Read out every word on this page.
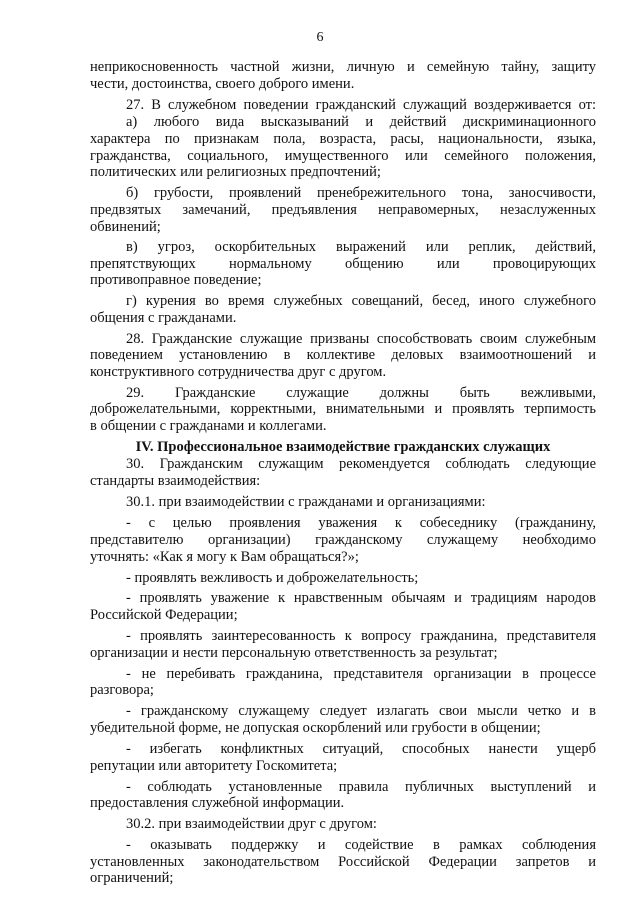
6
неприкосновенность частной жизни, личную и семейную тайну, защиту
чести, достоинства, своего доброго имени.
27. В служебном поведении гражданский служащий воздерживается от:
а) любого вида высказываний и действий дискриминационного
характера по признакам пола, возраста, расы, национальности, языка,
гражданства, социального, имущественного или семейного положения,
политических или религиозных предпочтений;
б) грубости, проявлений пренебрежительного тона, заносчивости,
предвзятых замечаний, предъявления неправомерных, незаслуженных
обвинений;
в) угроз, оскорбительных выражений или реплик, действий,
препятствующих нормальному общению или провоцирующих
противоправное поведение;
г) курения во время служебных совещаний, бесед, иного служебного
общения с гражданами.
28. Гражданские служащие призваны способствовать своим служебным
поведением установлению в коллективе деловых взаимоотношений и
конструктивного сотрудничества друг с другом.
29. Гражданские служащие должны быть вежливыми,
доброжелательными, корректными, внимательными и проявлять терпимость
в общении с гражданами и коллегами.
IV. Профессиональное взаимодействие гражданских служащих
30. Гражданским служащим рекомендуется соблюдать следующие
стандарты взаимодействия:
30.1. при взаимодействии с гражданами и организациями:
- с целью проявления уважения к собеседнику (гражданину,
представителю организации) гражданскому служащему необходимо
уточнять: «Как я могу к Вам обращаться?»;
- проявлять вежливость и доброжелательность;
- проявлять уважение к нравственным обычаям и традициям народов
Российской Федерации;
- проявлять заинтересованность к вопросу гражданина, представителя
организации и нести персональную ответственность за результат;
- не перебивать гражданина, представителя организации в процессе
разговора;
- гражданскому служащему следует излагать свои мысли четко и в
убедительной форме, не допуская оскорблений или грубости в общении;
- избегать конфликтных ситуаций, способных нанести ущерб
репутации или авторитету Госкомитета;
- соблюдать установленные правила публичных выступлений и
предоставления служебной информации.
30.2. при взаимодействии друг с другом:
- оказывать поддержку и содействие в рамках соблюдения
установленных законодательством Российской Федерации запретов и
ограничений;
